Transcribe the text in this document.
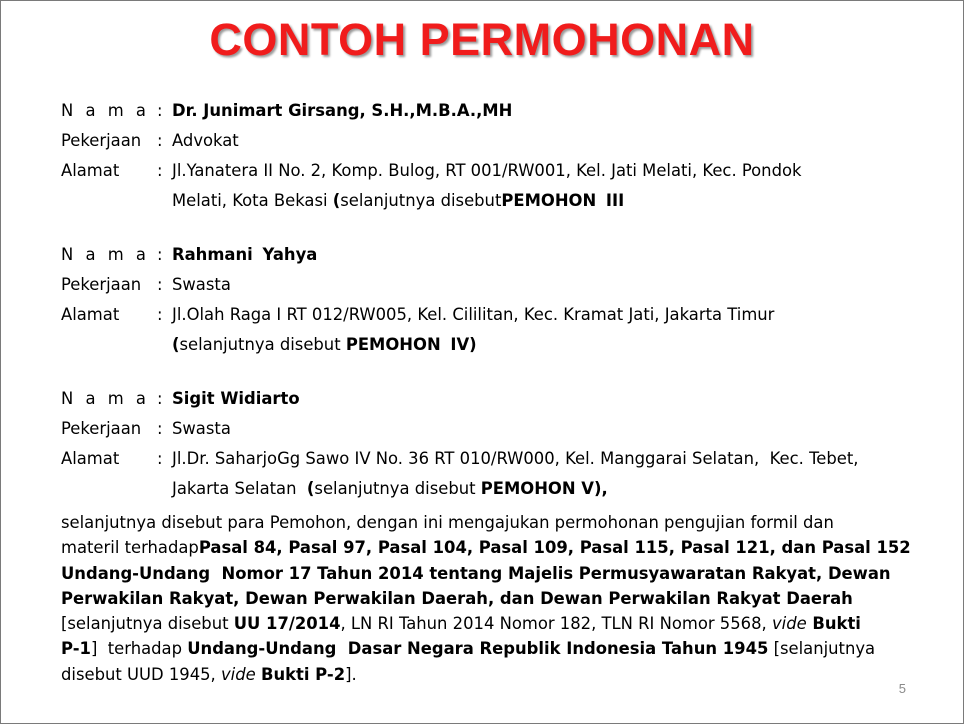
CONTOH PERMOHONAN
N a m a : Dr. Junimart Girsang, S.H.,M.B.A.,MH
Pekerjaan : Advokat
Alamat : Jl.Yanatera II No. 2, Komp. Bulog, RT 001/RW001, Kel. Jati Melati, Kec. Pondok
Melati, Kota Bekasi (selanjutnya disebutPEMOHON III
N a m a : Rahmani Yahya
Pekerjaan : Swasta
Alamat : Jl.Olah Raga I RT 012/RW005, Kel. Cililitan, Kec. Kramat Jati, Jakarta Timur
(selanjutnya disebut PEMOHON IV)
N a m a : Sigit Widiarto
Pekerjaan : Swasta
Alamat : Jl.Dr. SaharjoGg Sawo IV No. 36 RT 010/RW000, Kel. Manggarai Selatan,  Kec. Tebet,
Jakarta Selatan  (selanjutnya disebut PEMOHON V),
selanjutnya disebut para Pemohon, dengan ini mengajukan permohonan pengujian formil dan
materil terhadapPasal 84, Pasal 97, Pasal 104, Pasal 109, Pasal 115, Pasal 121, dan Pasal 152
Undang-Undang  Nomor 17 Tahun 2014 tentang Majelis Permusyawaratan Rakyat, Dewan
Perwakilan Rakyat, Dewan Perwakilan Daerah, dan Dewan Perwakilan Rakyat Daerah
[selanjutnya disebut UU 17/2014, LN RI Tahun 2014 Nomor 182, TLN RI Nomor 5568, vide Bukti
P-1]  terhadap Undang-Undang  Dasar Negara Republik Indonesia Tahun 1945 [selanjutnya
disebut UUD 1945, vide Bukti P-2].
5
